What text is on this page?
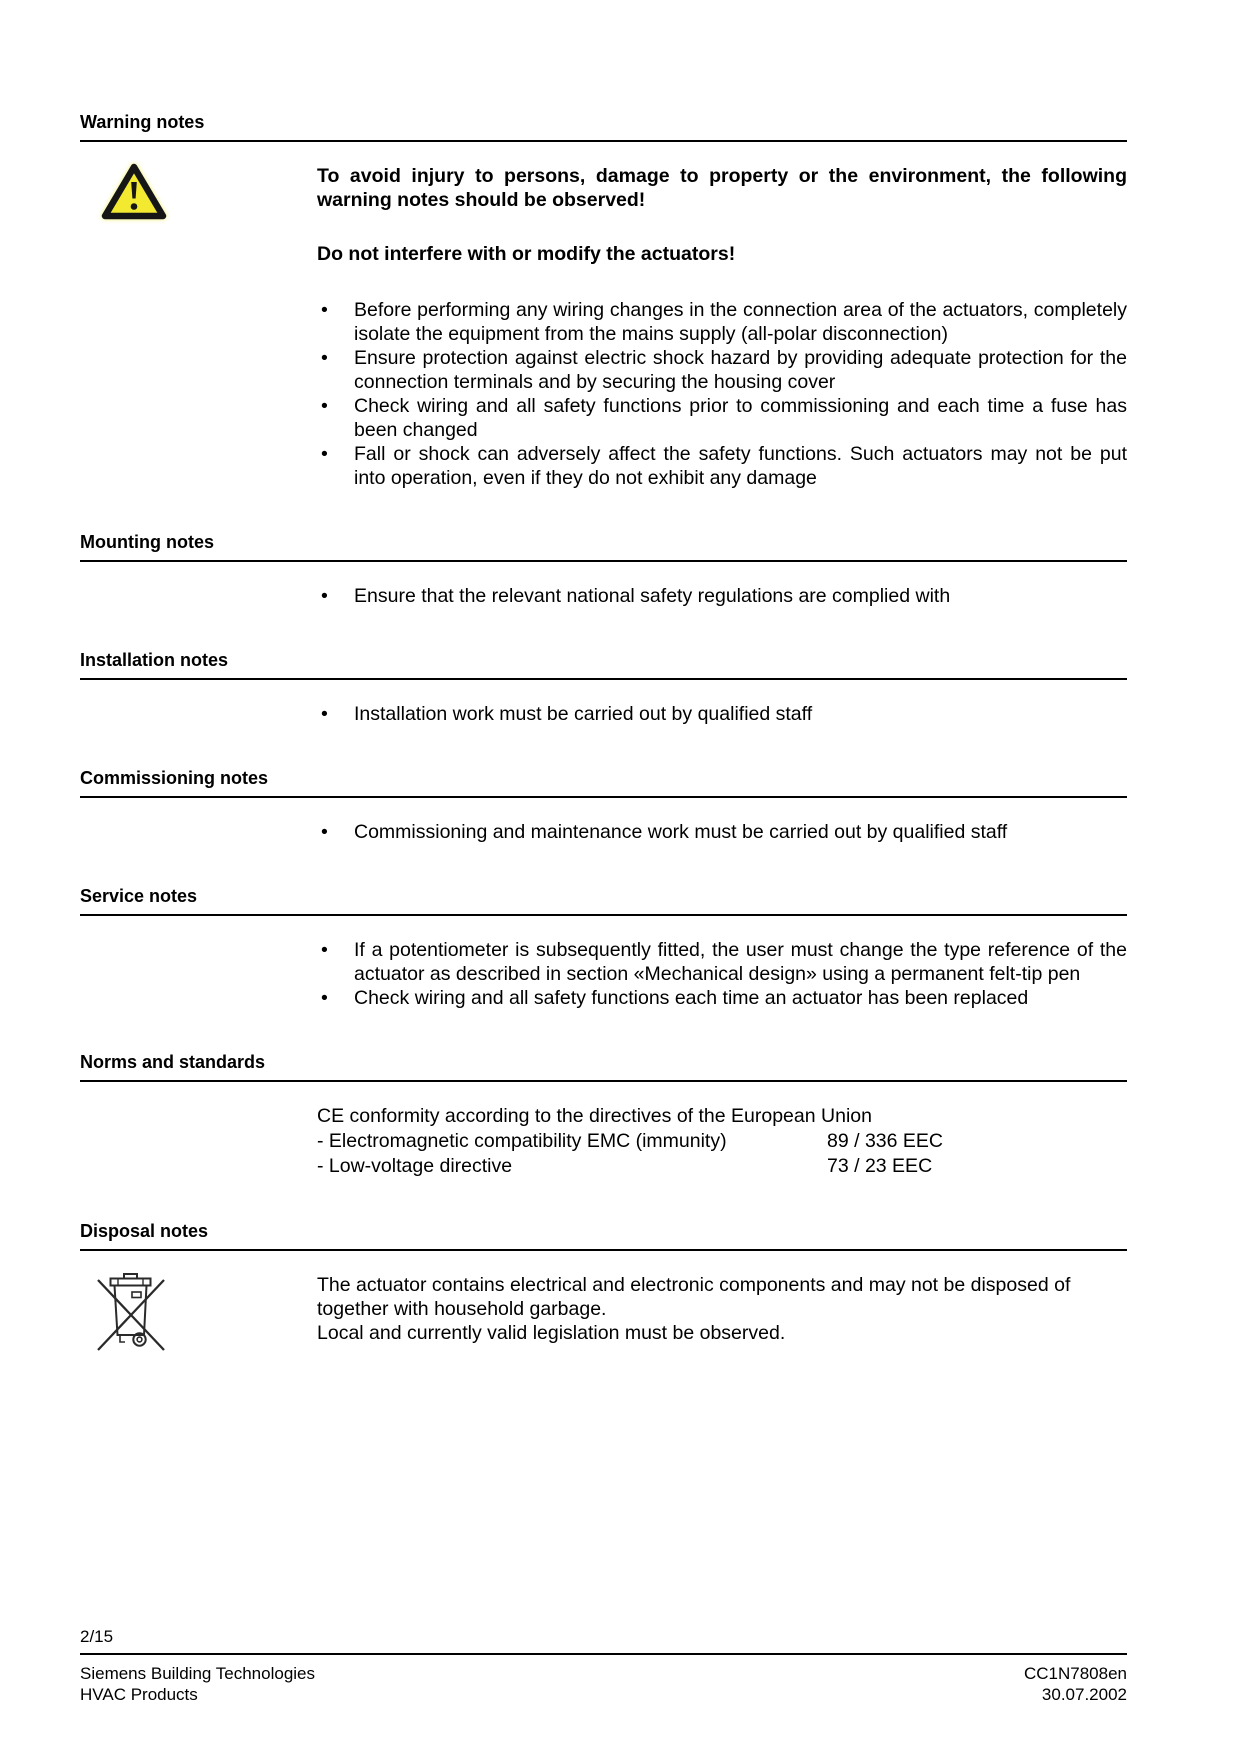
Warning notes
To avoid injury to persons, damage to property or the environment, the following warning notes should be observed!
Do not interfere with or modify the actuators!
•	Before performing any wiring changes in the connection area of the actuators, completely isolate the equipment from the mains supply (all-polar disconnection)
•	Ensure protection against electric shock hazard by providing adequate protection for the connection terminals and by securing the housing cover
•	Check wiring and all safety functions prior to commissioning and each time a fuse has been changed
•	Fall or shock can adversely affect the safety functions. Such actuators may not be put into operation, even if they do not exhibit any damage
Mounting notes
•	Ensure that the relevant national safety regulations are complied with
Installation notes
•	Installation work must be carried out by qualified staff
Commissioning notes
•	Commissioning and maintenance work must be carried out by qualified staff
Service notes
•	If a potentiometer is subsequently fitted, the user must change the type reference of the actuator as described in section «Mechanical design» using a permanent felt-tip pen
•	Check wiring and all safety functions each time an actuator has been replaced
Norms and standards
CE conformity according to the directives of the European Union
- Electromagnetic compatibility EMC (immunity)	89 / 336 EEC
- Low-voltage directive	73 / 23 EEC
Disposal notes
The actuator contains electrical and electronic components and may not be disposed of together with household garbage.
Local and currently valid legislation must be observed.
2/15
Siemens Building Technologies
HVAC Products
CC1N7808en
30.07.2002
